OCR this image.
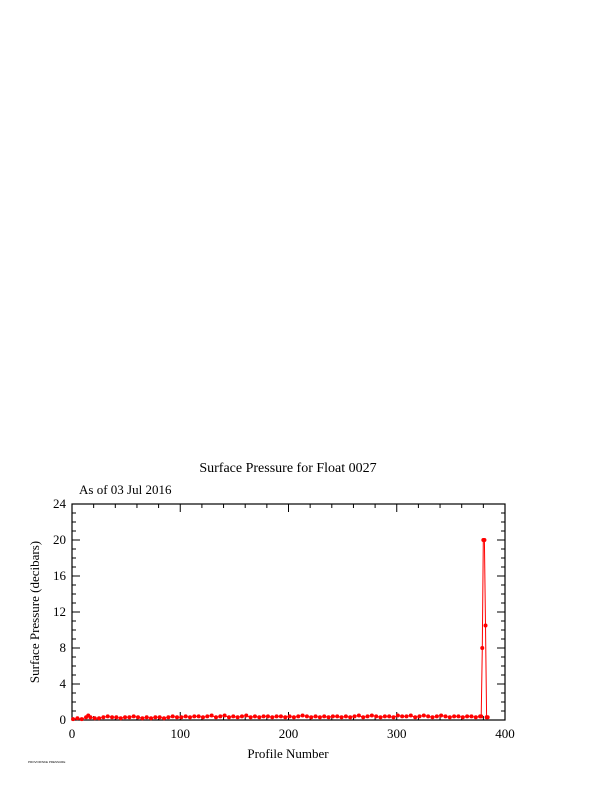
Surface Pressure for Float 0027
As of 03 Jul 2016
0	100	200	300	400
0
4
8
12
16
20
24
Profile Number
Surface Pressure (decibars)
PROVOR/NKE PRESSURE
